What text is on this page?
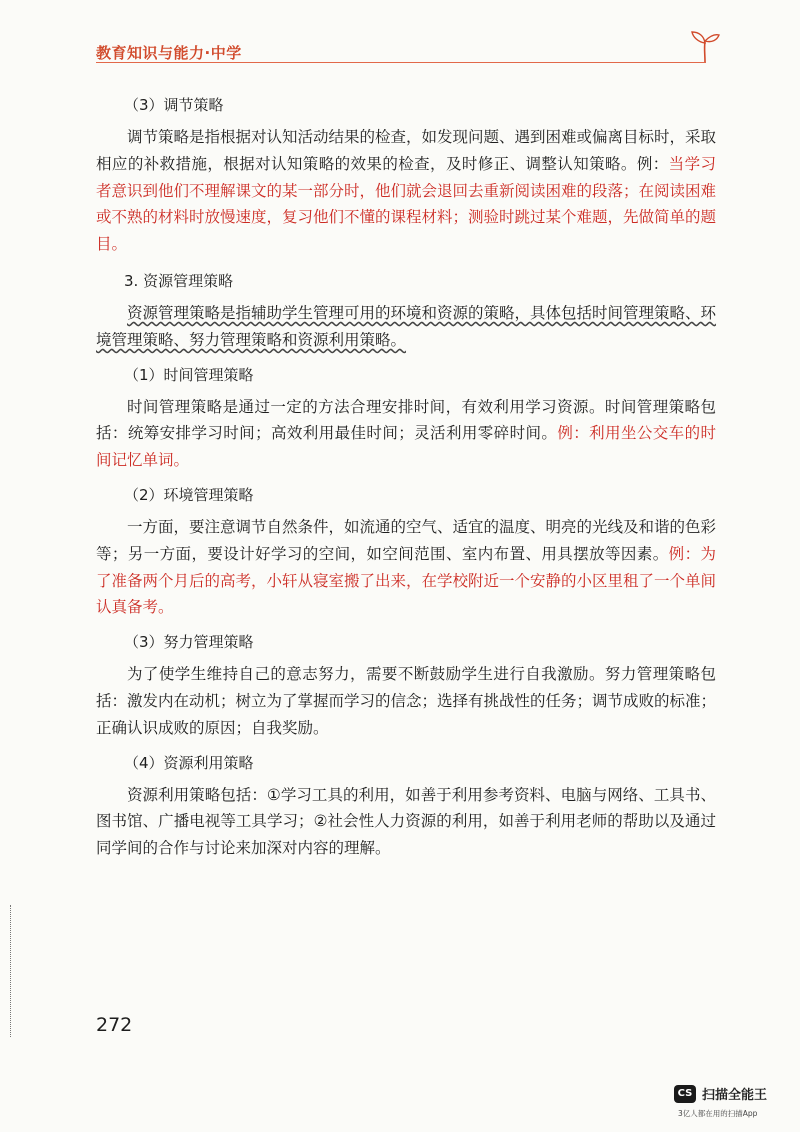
教育知识与能力·中学
（3）调节策略

调节策略是指根据对认知活动结果的检查，如发现问题、遇到困难或偏离目标时，采取相应的补救措施，根据对认知策略的效果的检查，及时修正、调整认知策略。例：当学习者意识到他们不理解课文的某一部分时，他们就会退回去重新阅读困难的段落；在阅读困难或不熟的材料时放慢速度，复习他们不懂的课程材料；测验时跳过某个难题，先做简单的题目。

3. 资源管理策略

资源管理策略是指辅助学生管理可用的环境和资源的策略，具体包括时间管理策略、环境管理策略、努力管理策略和资源利用策略。

（1）时间管理策略

时间管理策略是通过一定的方法合理安排时间，有效利用学习资源。时间管理策略包括：统筹安排学习时间；高效利用最佳时间；灵活利用零碎时间。例：利用坐公交车的时间记忆单词。

（2）环境管理策略

一方面，要注意调节自然条件，如流通的空气、适宜的温度、明亮的光线及和谐的色彩等；另一方面，要设计好学习的空间，如空间范围、室内布置、用具摆放等因素。例：为了准备两个月后的高考，小轩从寝室搬了出来，在学校附近一个安静的小区里租了一个单间认真备考。

（3）努力管理策略

为了使学生维持自己的意志努力，需要不断鼓励学生进行自我激励。努力管理策略包括：激发内在动机；树立为了掌握而学习的信念；选择有挑战性的任务；调节成败的标准；正确认识成败的原因；自我奖励。

（4）资源利用策略

资源利用策略包括：①学习工具的利用，如善于利用参考资料、电脑与网络、工具书、图书馆、广播电视等工具学习；②社会性人力资源的利用，如善于利用老师的帮助以及通过同学间的合作与讨论来加深对内容的理解。

272
CS 扫描全能王
3亿人都在用的扫描App
